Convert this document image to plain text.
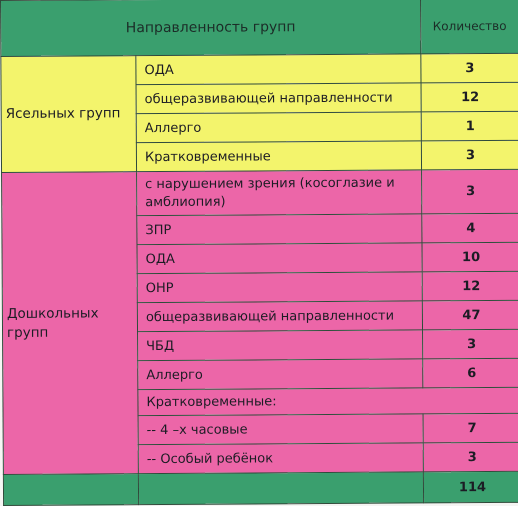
Направленность групп		Количество
Ясельных групп	ОДА	3
	общеразвивающей направленности	12
	Аллерго	1
	Кратковременные	3
Дошкольных групп	с нарушением зрения (косоглазие и амблиопия)	3
	ЗПР	4
	ОДА	10
	ОНР	12
	общеразвивающей направленности	47
	ЧБД	3
	Аллерго	6
	Кратковременные:	
	-- 4 –х часовые	7
	-- Особый ребёнок	3
		114
